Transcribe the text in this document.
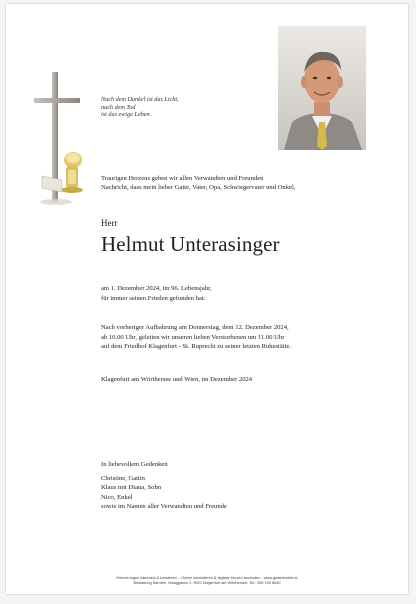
Nach dem Dunkel ist das Licht,
nach dem Tod
ist das ewige Leben.
Traurigen Herzens geben wir allen Verwandten und Freunden
Nachricht, dass mein lieber Gatte, Vater, Opa, Schwiegervater und Onkel,
Herr
Helmut Unterasinger
am 1. Dezember 2024, im 96. Lebensjahr,
für immer seinen Frieden gefunden hat.
Nach vorheriger Aufbahrung am Donnerstag, dem 12. Dezember 2024,
ab 10.00 Uhr, geleiten wir unseren lieben Verstorbenen um 11.00 Uhr
auf dem Friedhof Klagenfurt - St. Ruprecht zu seiner letzten Ruhestätte.
Klagenfurt am Wörthersee und Wien, im Dezember 2024
In liebevollem Gedenken
Christine, Gattin
Klaus mit Diana, Sohn
Nico, Enkel
sowie im Namen aller Verwandten und Freunde
Erinnerungen sammeln & bewahren – Online kondolieren & digitale Kerzen anzünden - www.gedenkseite.at
Bestattung Kärnten, Waaggasse 2, 9020 Klagenfurt am Wörthersee, Tel.: 050 190 8640
